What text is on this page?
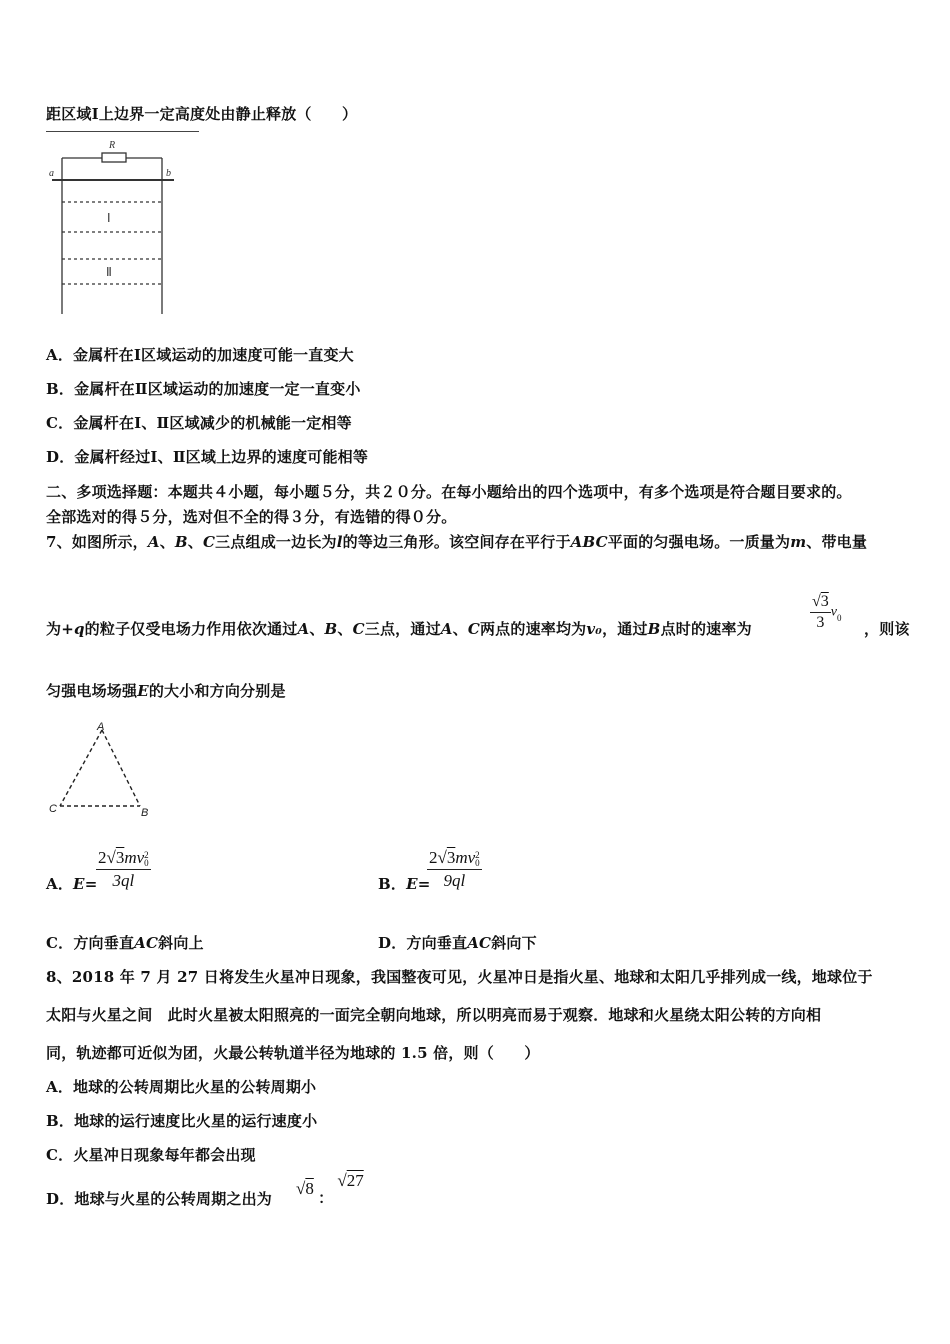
距区域Ⅰ上边界一定高度处由静止释放（　　）
R
a	b
Ⅰ
Ⅱ
A．金属杆在Ⅰ区域运动的加速度可能一直变大
B．金属杆在Ⅱ区域运动的加速度一定一直变小
C．金属杆在Ⅰ、Ⅱ区域减少的机械能一定相等
D．金属杆经过Ⅰ、Ⅱ区域上边界的速度可能相等
二、多项选择题：本题共４小题，每小题５分，共２０分。在每小题给出的四个选项中，有多个选项是符合题目要求的。
全部选对的得５分，选对但不全的得３分，有选错的得０分。
7、如图所示，A、B、C三点组成一边长为l的等边三角形。该空间存在平行于ABC平面的匀强电场。一质量为m、带电量
为+q的粒子仅受电场力作用依次通过A、B、C三点，通过A、C两点的速率均为v₀，通过B点时的速率为	$\frac{√3}{3} v_0$
，则该
匀强电场场强E的大小和方向分别是
A
C	B
A．E=
2√3mv 2
0
3ql	B．E=
2√3mv 2
0
9ql
C．方向垂直AC斜向上	D．方向垂直AC斜向下
8、2018 年 7 月 27 日将发生火星冲日现象，我国整夜可见，火星冲日是指火星、地球和太阳几乎排列成一线，地球位于
太阳与火星之间　此时火星被太阳照亮的一面完全朝向地球，所以明亮而易于观察．地球和火星绕太阳公转的方向相
同，轨迹都可近似为团，火最公转轨道半径为地球的 1.5 倍，则（　　）
A．地球的公转周期比火星的公转周期小
B．地球的运行速度比火星的运行速度小
C．火星冲日现象每年都会出现
D．地球与火星的公转周期之出为
√8 ： √27
